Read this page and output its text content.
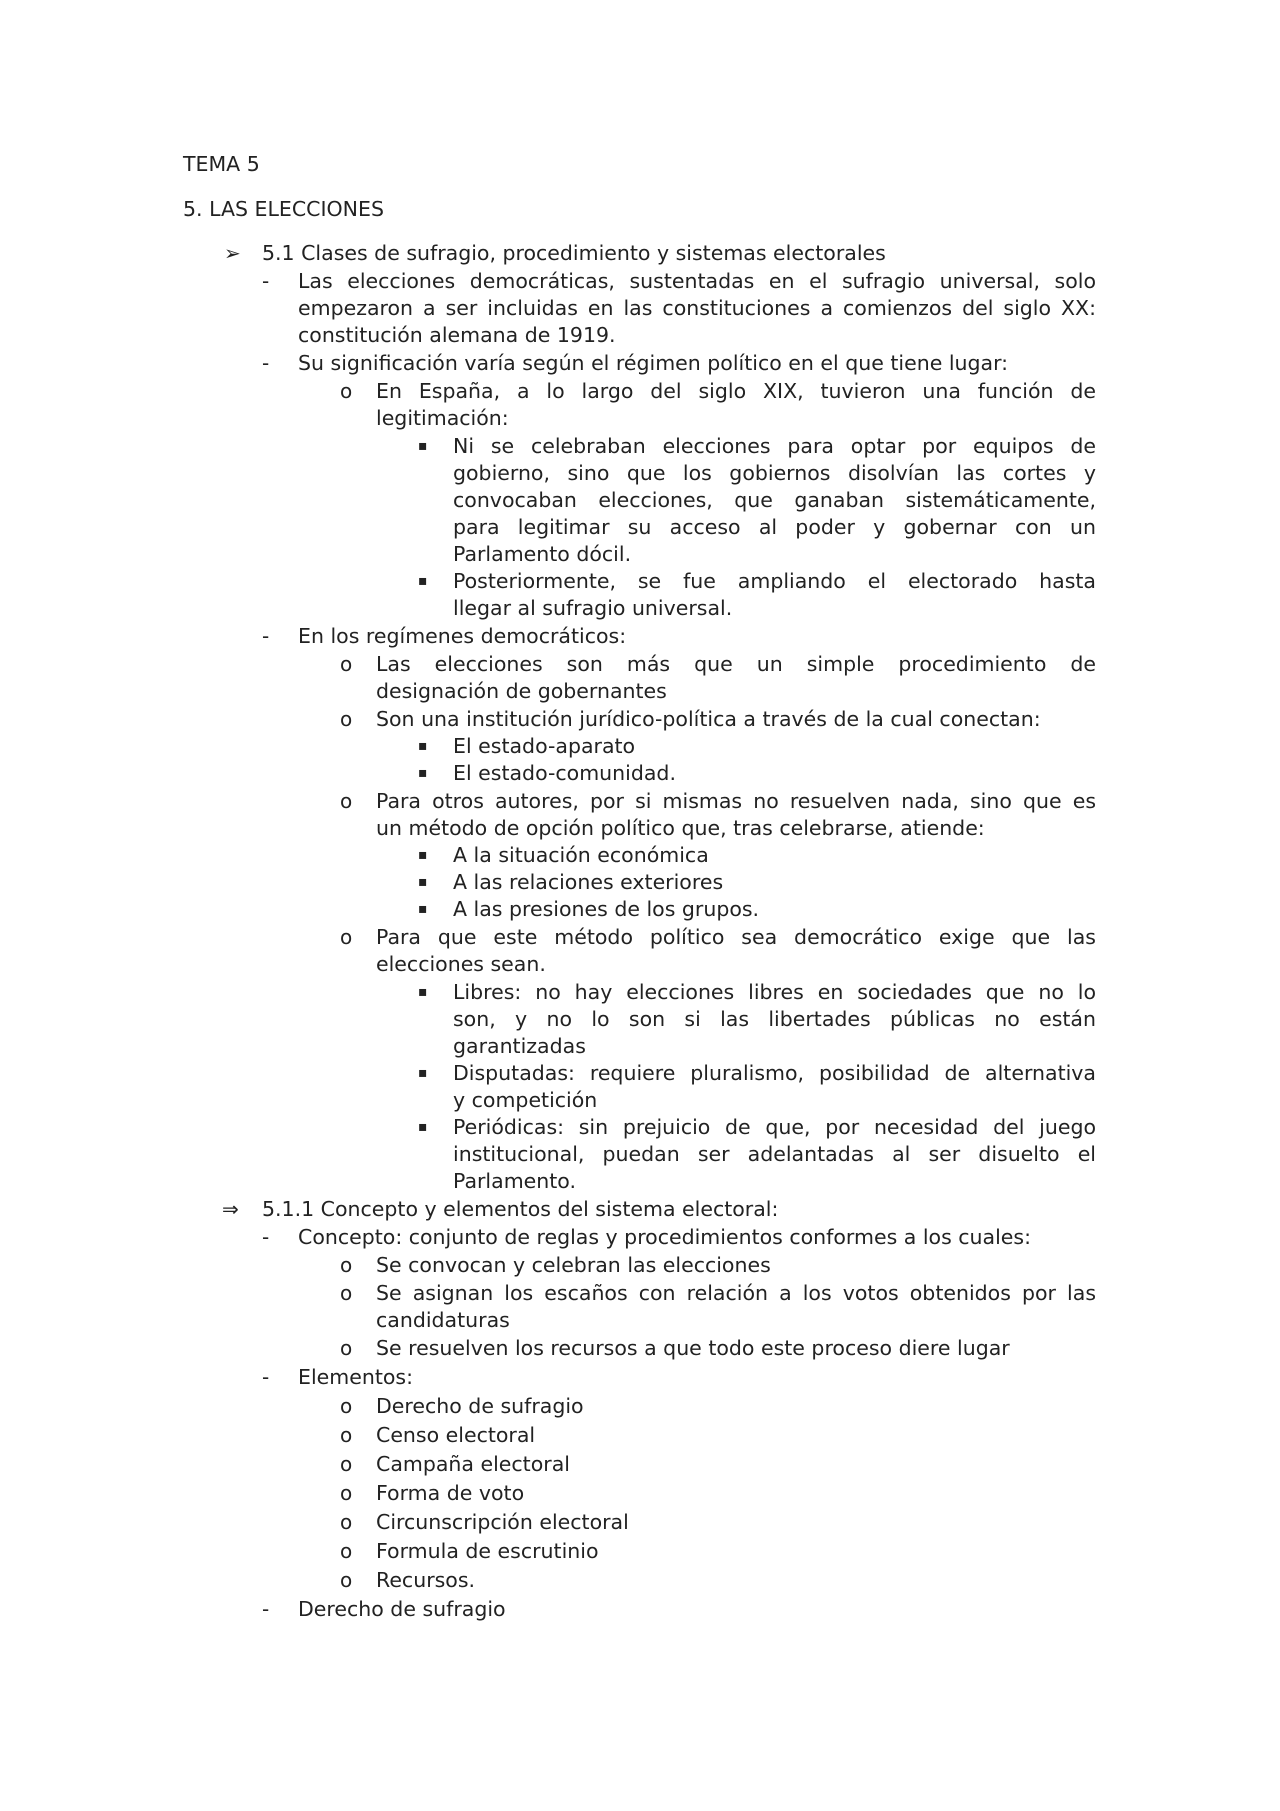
TEMA 5
5. LAS ELECCIONES
➢ 5.1 Clases de sufragio, procedimiento y sistemas electorales
- Las elecciones democráticas, sustentadas en el sufragio universal, solo
empezaron a ser incluidas en las constituciones a comienzos del siglo XX:
constitución alemana de 1919.
- Su significación varía según el régimen político en el que tiene lugar:
o En España, a lo largo del siglo XIX, tuvieron una función de
legitimación:
▪ Ni se celebraban elecciones para optar por equipos de
gobierno, sino que los gobiernos disolvían las cortes y
convocaban elecciones, que ganaban sistemáticamente,
para legitimar su acceso al poder y gobernar con un
Parlamento dócil.
▪ Posteriormente, se fue ampliando el electorado hasta
llegar al sufragio universal.
- En los regímenes democráticos:
o Las elecciones son más que un simple procedimiento de
designación de gobernantes
o Son una institución jurídico-política a través de la cual conectan:
▪ El estado-aparato
▪ El estado-comunidad.
o Para otros autores, por si mismas no resuelven nada, sino que es
un método de opción político que, tras celebrarse, atiende:
▪ A la situación económica
▪ A las relaciones exteriores
▪ A las presiones de los grupos.
o Para que este método político sea democrático exige que las
elecciones sean.
▪ Libres: no hay elecciones libres en sociedades que no lo
son, y no lo son si las libertades públicas no están
garantizadas
▪ Disputadas: requiere pluralismo, posibilidad de alternativa
y competición
▪ Periódicas: sin prejuicio de que, por necesidad del juego
institucional, puedan ser adelantadas al ser disuelto el
Parlamento.
⇒ 5.1.1 Concepto y elementos del sistema electoral:
- Concepto: conjunto de reglas y procedimientos conformes a los cuales:
o Se convocan y celebran las elecciones
o Se asignan los escaños con relación a los votos obtenidos por las
candidaturas
o Se resuelven los recursos a que todo este proceso diere lugar
- Elementos:
o Derecho de sufragio
o Censo electoral
o Campaña electoral
o Forma de voto
o Circunscripción electoral
o Formula de escrutinio
o Recursos.
- Derecho de sufragio
